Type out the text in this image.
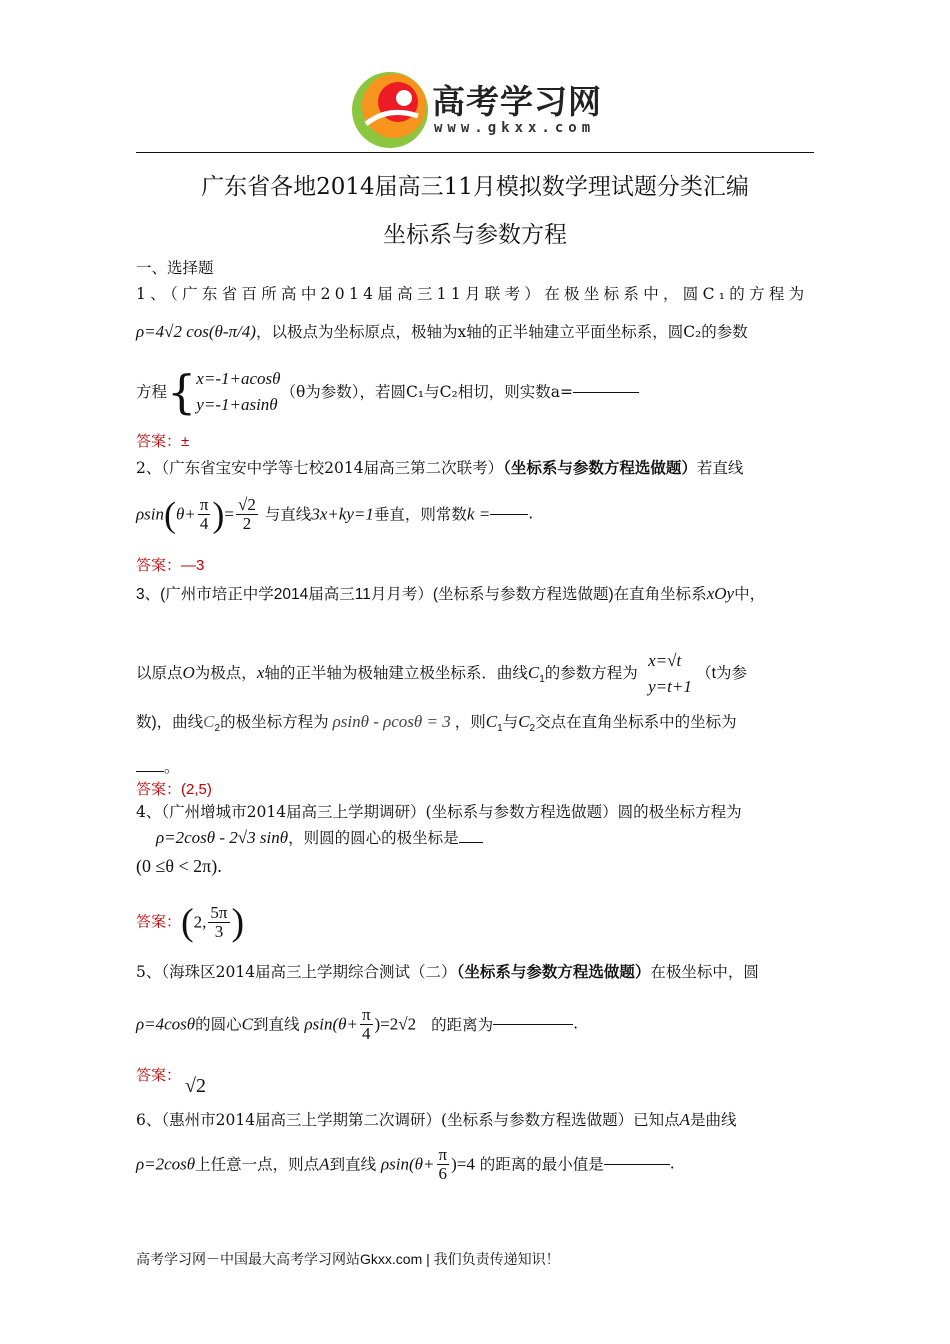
高考学习网
www.gkxx.com
广东省各地2014届高三11月模拟数学理试题分类汇编
坐标系与参数方程
一、选择题
1、（广东省百所高中2014届高三11月联考）在极坐标系中，圆C₁的方程为
ρ=4√2 cos(θ-π/4)，以极点为坐标原点，极轴为x轴的正半轴建立平面坐标系，圆C₂的参数
方程{ x=-1+acosθ
y=-1+asinθ
（θ为参数），若圆C₁与C₂相切，则实数a=
答案：±
2、（广东省宝安中学等七校2014届高三第二次联考）（坐标系与参数方程选做题）若直线
$\rho\sin(\theta+ \frac{\pi}{4}$ )= $\frac{√2}{2}$ 与直线3x+ky=1垂直，则常数k = .
答案：—3
3、(广州市培正中学2014届高三11月月考）(坐标系与参数方程选做题)在直角坐标系xOy中，
以原点O为极点，x轴的正半轴为极轴建立极坐标系．曲线$C_1$的参数方程为
x=√t
y=t+1
（t为参
数)，曲线$C_2$的极坐标方程为 ρsinθ - ρcosθ = 3 ，则$C_1$与$C_2$交点在直角坐标系中的坐标为
。
答案：(2,5)
4、（广州增城市2014届高三上学期调研）(坐标系与参数方程选做题）圆的极坐标方程为
ρ=2cosθ - 2√3 sinθ，则圆的圆心的极坐标是
(0 ≤θ < 2π).
答案：(2, $\frac{5\pi}{3}$ )
5、（海珠区2014届高三上学期综合测试（二）（坐标系与参数方程选做题）在极坐标中，圆
ρ=4cosθ的圆心C到直线 $\rho\sin(\theta+ \frac{\pi}{4} )=2√2$ 的距离为	.
答案： √2
6、（惠州市2014届高三上学期第二次调研）(坐标系与参数方程选做题）已知点A是曲线
ρ=2cosθ上任意一点，则点A到直线 $\rho\sin(\theta+ \frac{\pi}{6} )=4$ 的距离的最小值是	.
高考学习网－中国最大高考学习网站Gkxx.com | 我们负责传递知识！
